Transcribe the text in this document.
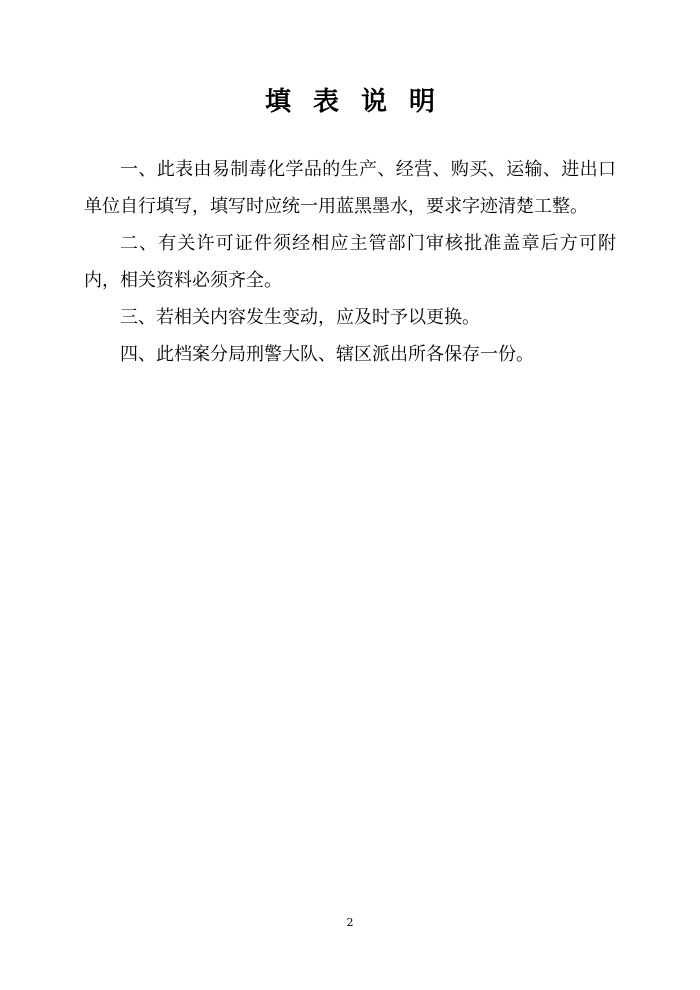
填表说明

一、此表由易制毒化学品的生产、经营、购买、运输、进出口单位自行填写，填写时应统一用蓝黑墨水，要求字迹清楚工整。

二、有关许可证件须经相应主管部门审核批准盖章后方可附内，相关资料必须齐全。

三、若相关内容发生变动，应及时予以更换。

四、此档案分局刑警大队、辖区派出所各保存一份。

2
